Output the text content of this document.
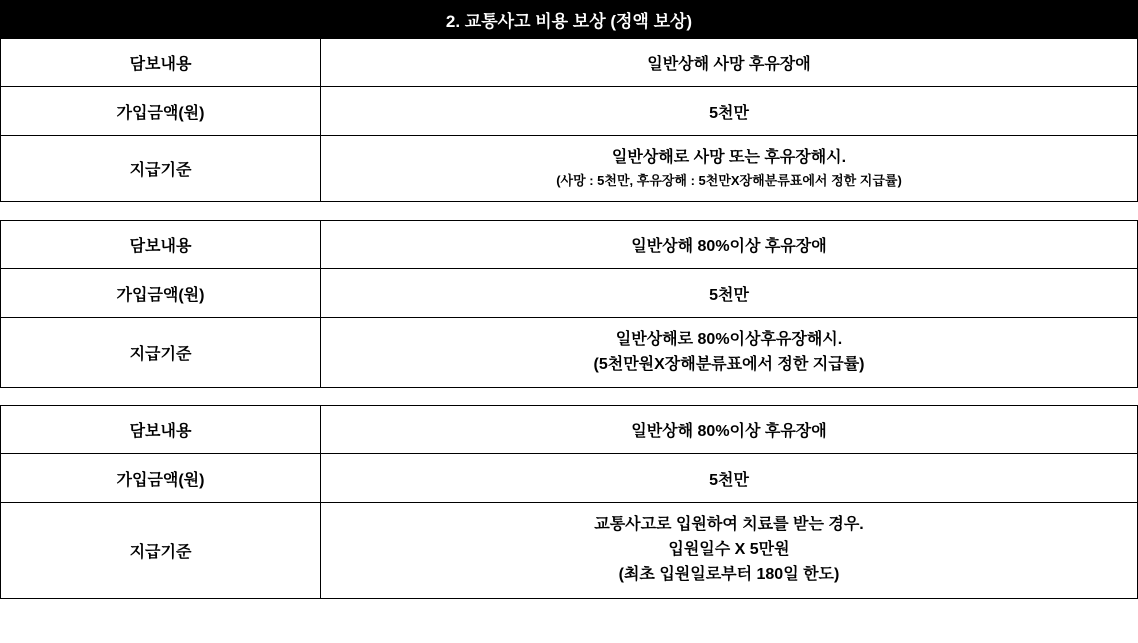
2. 교통사고 비용 보상 (정액 보상)
담보내용	일반상해 사망 후유장애
가입금액(원)	5천만
지급기준	일반상해로 사망 또는 후유장해시.
(사망 : 5천만, 후유장해 : 5천만X장해분류표에서 정한 지급률)
담보내용	일반상해 80%이상 후유장애
가입금액(원)	5천만
지급기준	일반상해로 80%이상후유장해시.
(5천만원X장해분류표에서 정한 지급률)
담보내용	일반상해 80%이상 후유장애
가입금액(원)	5천만
지급기준	교통사고로 입원하여 치료를 받는 경우.
입원일수 X 5만원
(최초 입원일로부터 180일 한도)
